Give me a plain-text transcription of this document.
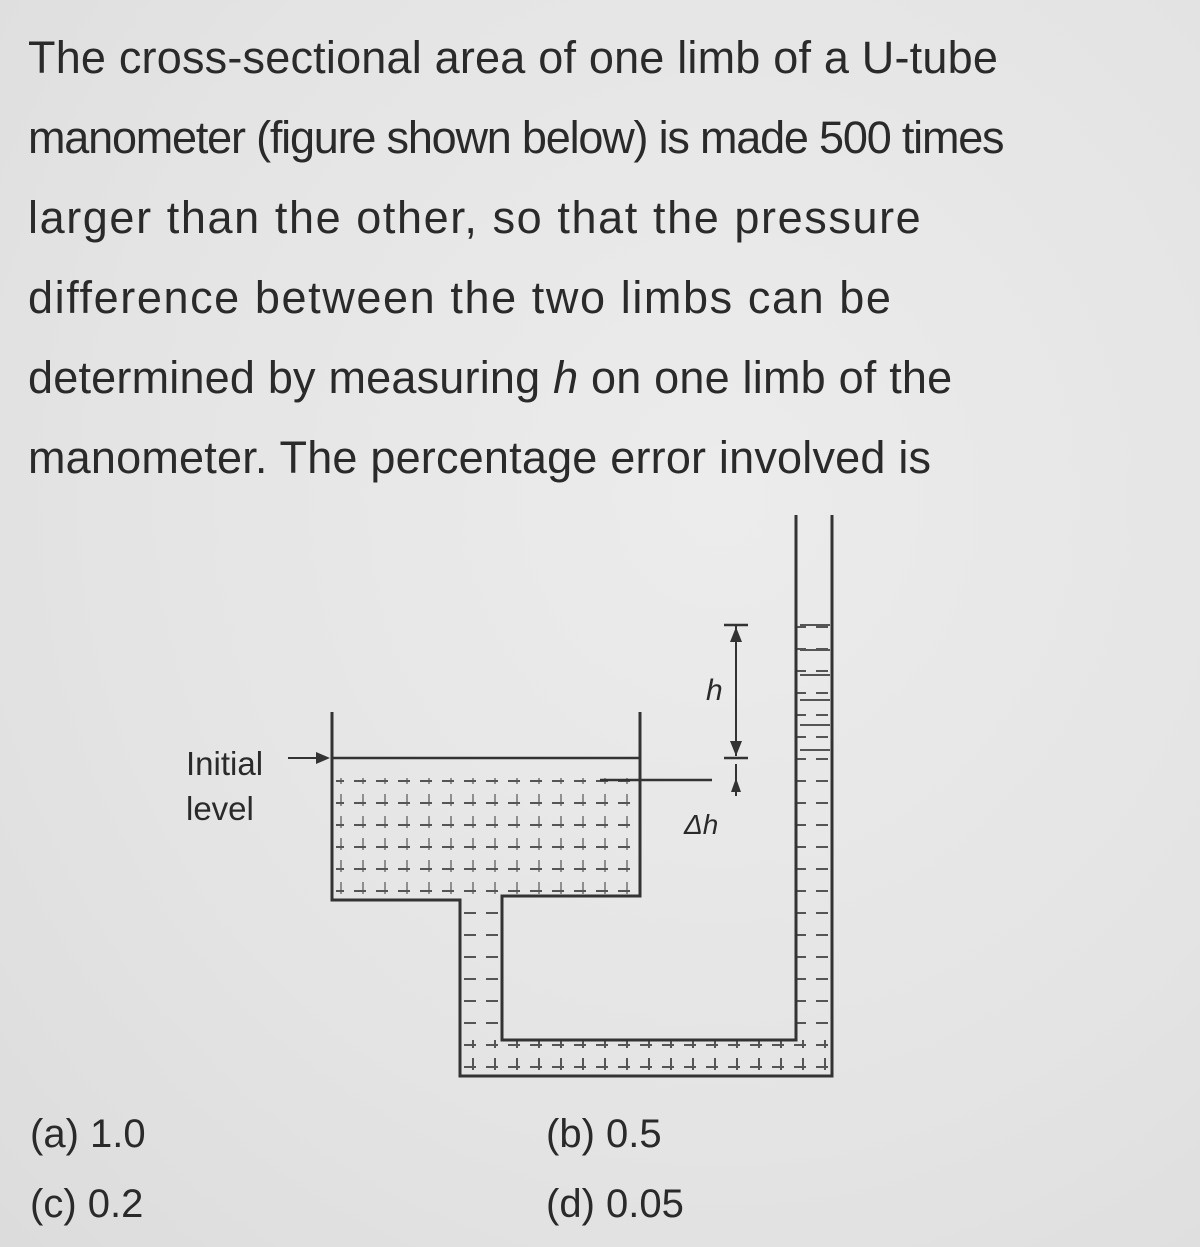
The cross-sectional area of one limb of a U-tube
manometer (figure shown below) is made 500 times
larger than the other, so that the pressure
difference between the two limbs can be
determined by measuring h on one limb of the
manometer. The percentage error involved is
Initial
level
h
Δh
(a) 1.0	(b) 0.5
(c) 0.2	(d) 0.05
